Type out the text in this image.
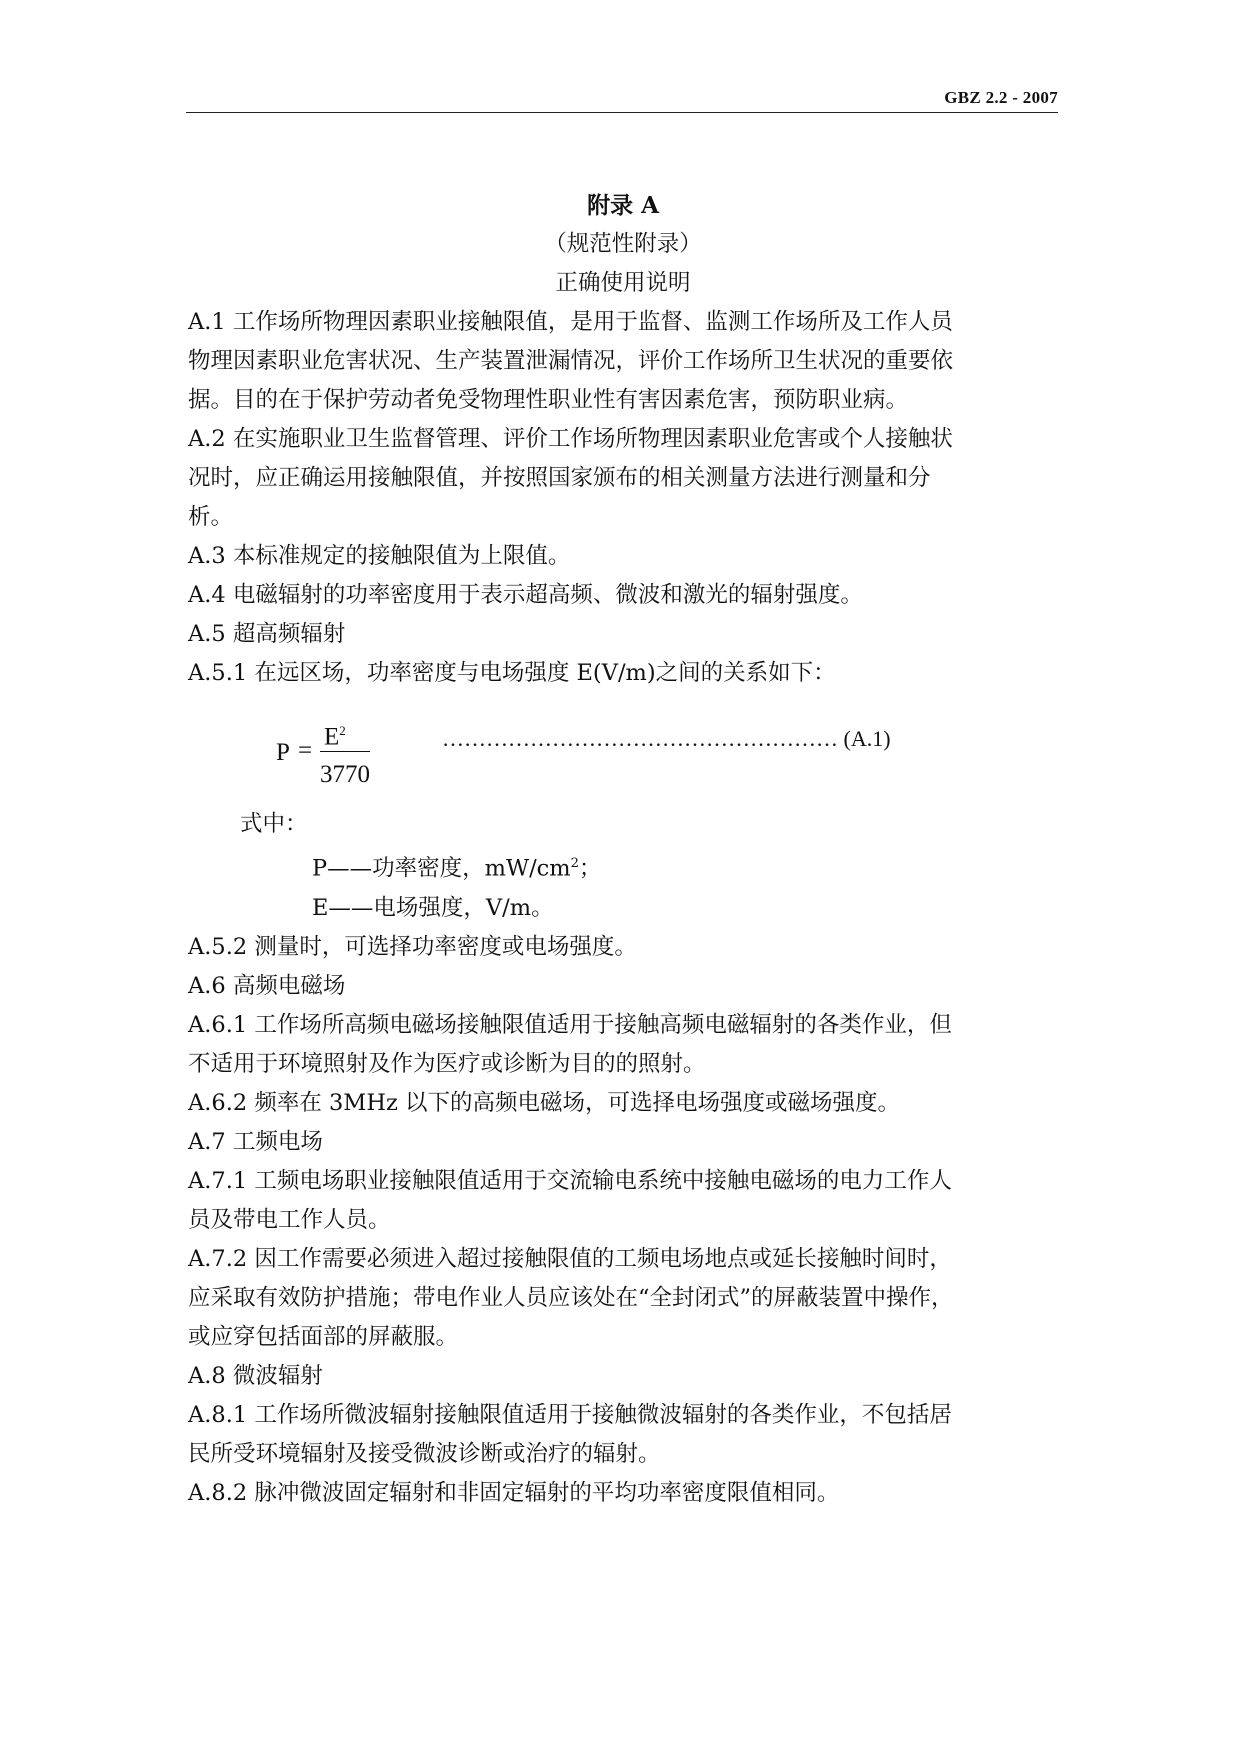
GBZ 2.2 - 2007
附录 A
（规范性附录）
正确使用说明
A.1 工作场所物理因素职业接触限值，是用于监督、监测工作场所及工作人员
物理因素职业危害状况、生产装置泄漏情况，评价工作场所卫生状况的重要依
据。目的在于保护劳动者免受物理性职业性有害因素危害，预防职业病。
A.2 在实施职业卫生监督管理、评价工作场所物理因素职业危害或个人接触状
况时，应正确运用接触限值，并按照国家颁布的相关测量方法进行测量和分
析。
A.3 本标准规定的接触限值为上限值。
A.4 电磁辐射的功率密度用于表示超高频、微波和激光的辐射强度。
A.5 超高频辐射
A.5.1 在远区场，功率密度与电场强度 E(V/m)之间的关系如下：
P =
$E^2$
3770
……………………………………………… (A.1)
式中：
P——功率密度，$mW/cm^2$；
E——电场强度，V/m。
A.5.2 测量时，可选择功率密度或电场强度。
A.6 高频电磁场
A.6.1 工作场所高频电磁场接触限值适用于接触高频电磁辐射的各类作业，但
不适用于环境照射及作为医疗或诊断为目的的照射。
A.6.2 频率在 3MHz 以下的高频电磁场，可选择电场强度或磁场强度。
A.7 工频电场
A.7.1 工频电场职业接触限值适用于交流输电系统中接触电磁场的电力工作人
员及带电工作人员。
A.7.2 因工作需要必须进入超过接触限值的工频电场地点或延长接触时间时，
应采取有效防护措施；带电作业人员应该处在“全封闭式”的屏蔽装置中操作，
或应穿包括面部的屏蔽服。
A.8 微波辐射
A.8.1 工作场所微波辐射接触限值适用于接触微波辐射的各类作业，不包括居
民所受环境辐射及接受微波诊断或治疗的辐射。
A.8.2 脉冲微波固定辐射和非固定辐射的平均功率密度限值相同。
